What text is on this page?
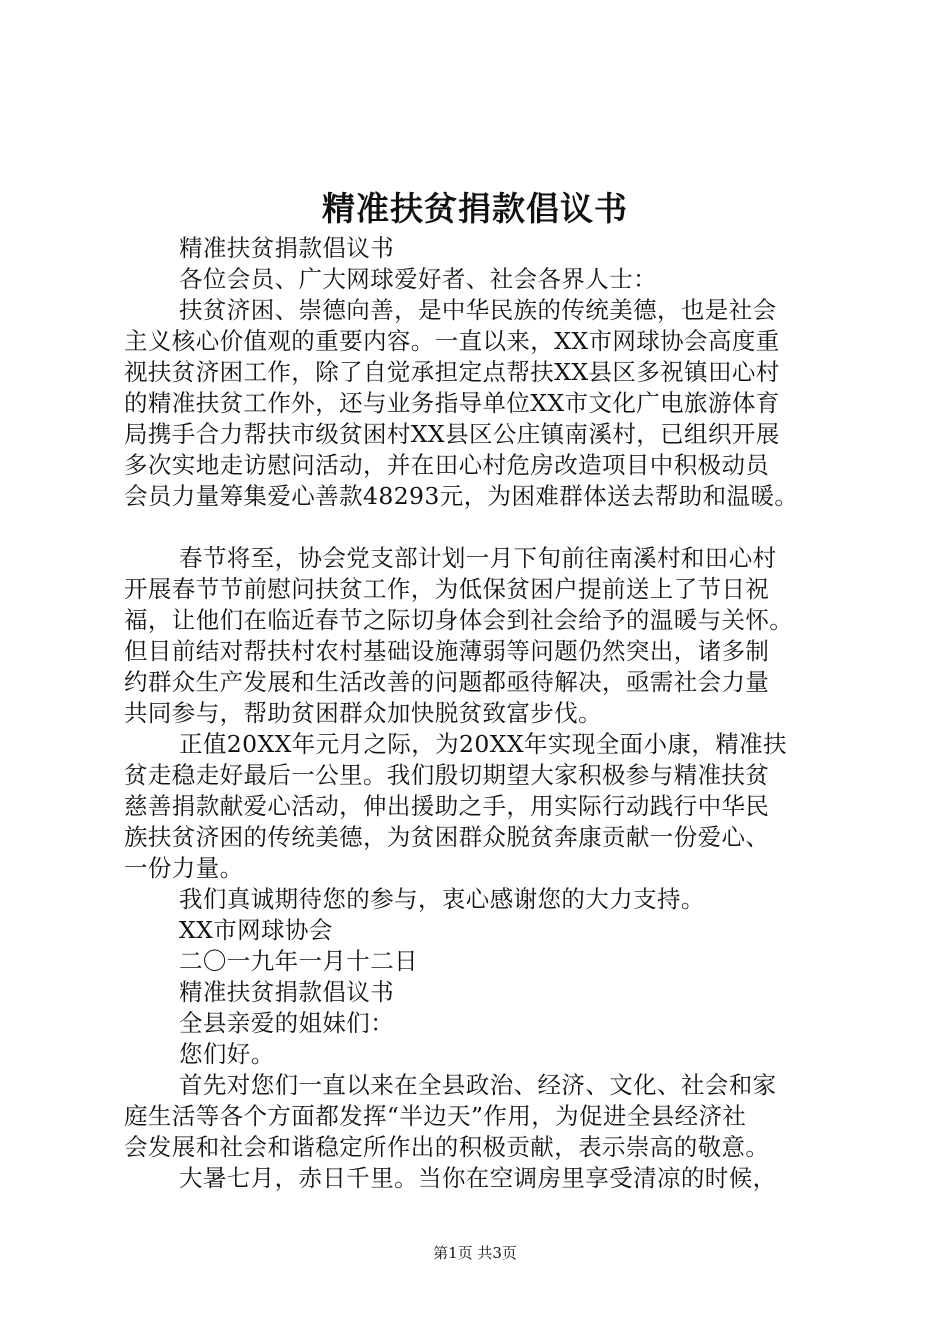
精准扶贫捐款倡议书
精准扶贫捐款倡议书
各位会员、广大网球爱好者、社会各界人士：
扶贫济困、崇德向善，是中华民族的传统美德，也是社会
主义核心价值观的重要内容。一直以来，XX市网球协会高度重
视扶贫济困工作，除了自觉承担定点帮扶XX县区多祝镇田心村
的精准扶贫工作外，还与业务指导单位XX市文化广电旅游体育
局携手合力帮扶市级贫困村XX县区公庄镇南溪村，已组织开展
多次实地走访慰问活动，并在田心村危房改造项目中积极动员
会员力量筹集爱心善款48293元，为困难群体送去帮助和温暖。
春节将至，协会党支部计划一月下旬前往南溪村和田心村
开展春节节前慰问扶贫工作，为低保贫困户提前送上了节日祝
福，让他们在临近春节之际切身体会到社会给予的温暖与关怀。
但目前结对帮扶村农村基础设施薄弱等问题仍然突出，诸多制
约群众生产发展和生活改善的问题都亟待解决，亟需社会力量
共同参与，帮助贫困群众加快脱贫致富步伐。
正值20XX年元月之际，为20XX年实现全面小康，精准扶
贫走稳走好最后一公里。我们殷切期望大家积极参与精准扶贫
慈善捐款献爱心活动，伸出援助之手，用实际行动践行中华民
族扶贫济困的传统美德，为贫困群众脱贫奔康贡献一份爱心、
一份力量。
我们真诚期待您的参与，衷心感谢您的大力支持。
XX市网球协会
二〇一九年一月十二日
精准扶贫捐款倡议书
全县亲爱的姐妹们：
您们好。
首先对您们一直以来在全县政治、经济、文化、社会和家
庭生活等各个方面都发挥“半边天”作用，为促进全县经济社
会发展和社会和谐稳定所作出的积极贡献，表示崇高的敬意。
大暑七月，赤日千里。当你在空调房里享受清凉的时候，
第1页 共3页
